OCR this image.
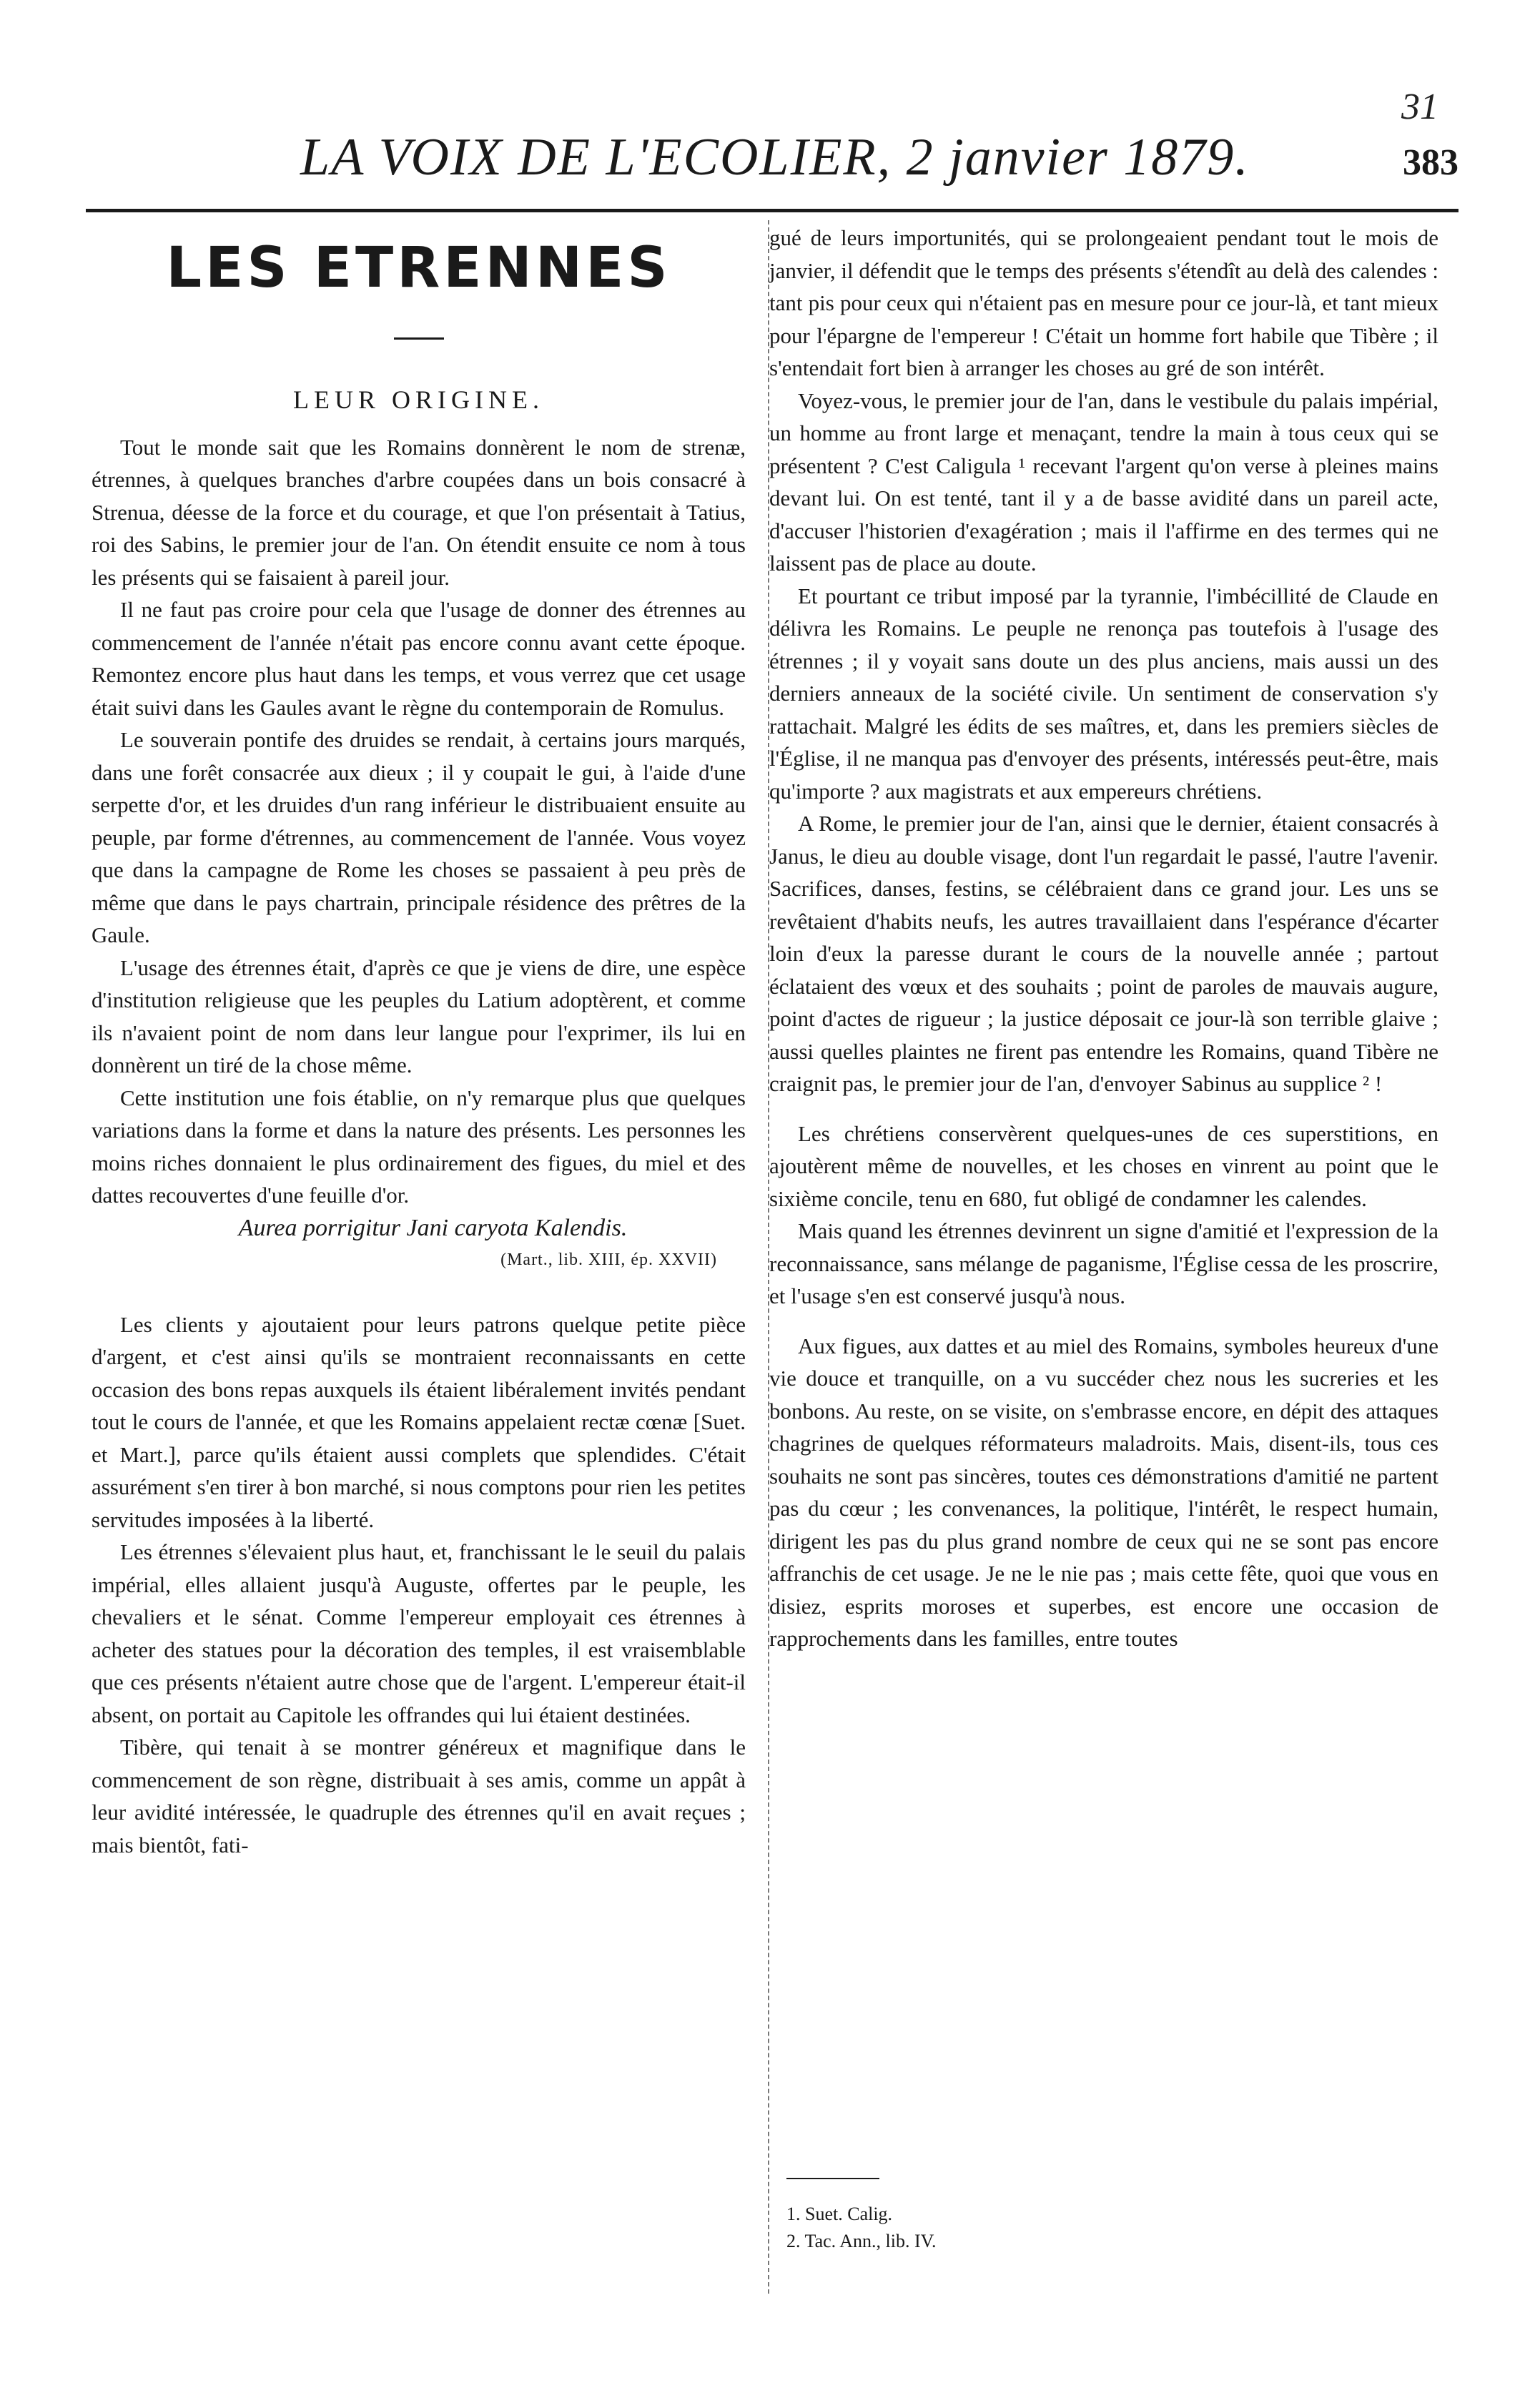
31
LA VOIX DE L'ECOLIER, 2 janvier 1879.	383
LES ETRENNES
LEUR ORIGINE.

Tout le monde sait que les Romains donnèrent le nom de strenæ, étrennes, à quelques branches d'arbre coupées dans un bois consacré à Strenua, déesse de la force et du courage, et que l'on présentait à Tatius, roi des Sabins, le premier jour de l'an. On étendit ensuite ce nom à tous les présents qui se faisaient à pareil jour.

Il ne faut pas croire pour cela que l'usage de donner des étrennes au commencement de l'année n'était pas encore connu avant cette époque. Remontez encore plus haut dans les temps, et vous verrez que cet usage était suivi dans les Gaules avant le règne du contemporain de Romulus.

Le souverain pontife des druides se rendait, à certains jours marqués, dans une forêt consacrée aux dieux ; il y coupait le gui, à l'aide d'une serpette d'or, et les druides d'un rang inférieur le distribuaient ensuite au peuple, par forme d'étrennes, au commencement de l'année. Vous voyez que dans la campagne de Rome les choses se passaient à peu près de même que dans le pays chartrain, principale résidence des prêtres de la Gaule.

L'usage des étrennes était, d'après ce que je viens de dire, une espèce d'institution religieuse que les peuples du Latium adoptèrent, et comme ils n'avaient point de nom dans leur langue pour l'exprimer, ils lui en donnèrent un tiré de la chose même.

Cette institution une fois établie, on n'y remarque plus que quelques variations dans la forme et dans la nature des présents. Les personnes les moins riches donnaient le plus ordinairement des figues, du miel et des dattes recouvertes d'une feuille d'or.

Aurea porrigitur Jani caryota Kalendis.

(Mart., lib. XIII, ép. XXVII)

Les clients y ajoutaient pour leurs patrons quelque petite pièce d'argent, et c'est ainsi qu'ils se montraient reconnaissants en cette occasion des bons repas auxquels ils étaient libéralement invités pendant tout le cours de l'année, et que les Romains appelaient rectæ cœnæ [Suet. et Mart.], parce qu'ils étaient aussi complets que splendides. C'était assurément s'en tirer à bon marché, si nous comptons pour rien les petites servitudes imposées à la liberté.

Les étrennes s'élevaient plus haut, et, franchissant le le seuil du palais impérial, elles allaient jusqu'à Auguste, offertes par le peuple, les chevaliers et le sénat. Comme l'empereur employait ces étrennes à acheter des statues pour la décoration des temples, il est vraisemblable que ces présents n'étaient autre chose que de l'argent. L'empereur était-il absent, on portait au Capitole les offrandes qui lui étaient destinées.

Tibère, qui tenait à se montrer généreux et magnifique dans le commencement de son règne, distribuait à ses amis, comme un appât à leur avidité intéressée, le quadruple des étrennes qu'il en avait reçues ; mais bientôt, fati-

gué de leurs importunités, qui se prolongeaient pendant tout le mois de janvier, il défendit que le temps des présents s'étendît au delà des calendes : tant pis pour ceux qui n'étaient pas en mesure pour ce jour-là, et tant mieux pour l'épargne de l'empereur ! C'était un homme fort habile que Tibère ; il s'entendait fort bien à arranger les choses au gré de son intérêt.

Voyez-vous, le premier jour de l'an, dans le vestibule du palais impérial, un homme au front large et menaçant, tendre la main à tous ceux qui se présentent ? C'est Caligula ¹ recevant l'argent qu'on verse à pleines mains devant lui. On est tenté, tant il y a de basse avidité dans un pareil acte, d'accuser l'historien d'exagération ; mais il l'affirme en des termes qui ne laissent pas de place au doute.

Et pourtant ce tribut imposé par la tyrannie, l'imbécillité de Claude en délivra les Romains. Le peuple ne renonça pas toutefois à l'usage des étrennes ; il y voyait sans doute un des plus anciens, mais aussi un des derniers anneaux de la société civile. Un sentiment de conservation s'y rattachait. Malgré les édits de ses maîtres, et, dans les premiers siècles de l'Église, il ne manqua pas d'envoyer des présents, intéressés peut-être, mais qu'importe ? aux magistrats et aux empereurs chrétiens.

A Rome, le premier jour de l'an, ainsi que le dernier, étaient consacrés à Janus, le dieu au double visage, dont l'un regardait le passé, l'autre l'avenir. Sacrifices, danses, festins, se célébraient dans ce grand jour. Les uns se revêtaient d'habits neufs, les autres travaillaient dans l'espérance d'écarter loin d'eux la paresse durant le cours de la nouvelle année ; partout éclataient des vœux et des souhaits ; point de paroles de mauvais augure, point d'actes de rigueur ; la justice déposait ce jour-là son terrible glaive ; aussi quelles plaintes ne firent pas entendre les Romains, quand Tibère ne craignit pas, le premier jour de l'an, d'envoyer Sabinus au supplice ² !

Les chrétiens conservèrent quelques-unes de ces superstitions, en ajoutèrent même de nouvelles, et les choses en vinrent au point que le sixième concile, tenu en 680, fut obligé de condamner les calendes.

Mais quand les étrennes devinrent un signe d'amitié et l'expression de la reconnaissance, sans mélange de paganisme, l'Église cessa de les proscrire, et l'usage s'en est conservé jusqu'à nous.

Aux figues, aux dattes et au miel des Romains, symboles heureux d'une vie douce et tranquille, on a vu succéder chez nous les sucreries et les bonbons. Au reste, on se visite, on s'embrasse encore, en dépit des attaques chagrines de quelques réformateurs maladroits. Mais, disent-ils, tous ces souhaits ne sont pas sincères, toutes ces démonstrations d'amitié ne partent pas du cœur ; les convenances, la politique, l'intérêt, le respect humain, dirigent les pas du plus grand nombre de ceux qui ne se sont pas encore affranchis de cet usage. Je ne le nie pas ; mais cette fête, quoi que vous en disiez, esprits moroses et superbes, est encore une occasion de rapprochements dans les familles, entre toutes

1. Suet. Calig.

2. Tac. Ann., lib. IV.
